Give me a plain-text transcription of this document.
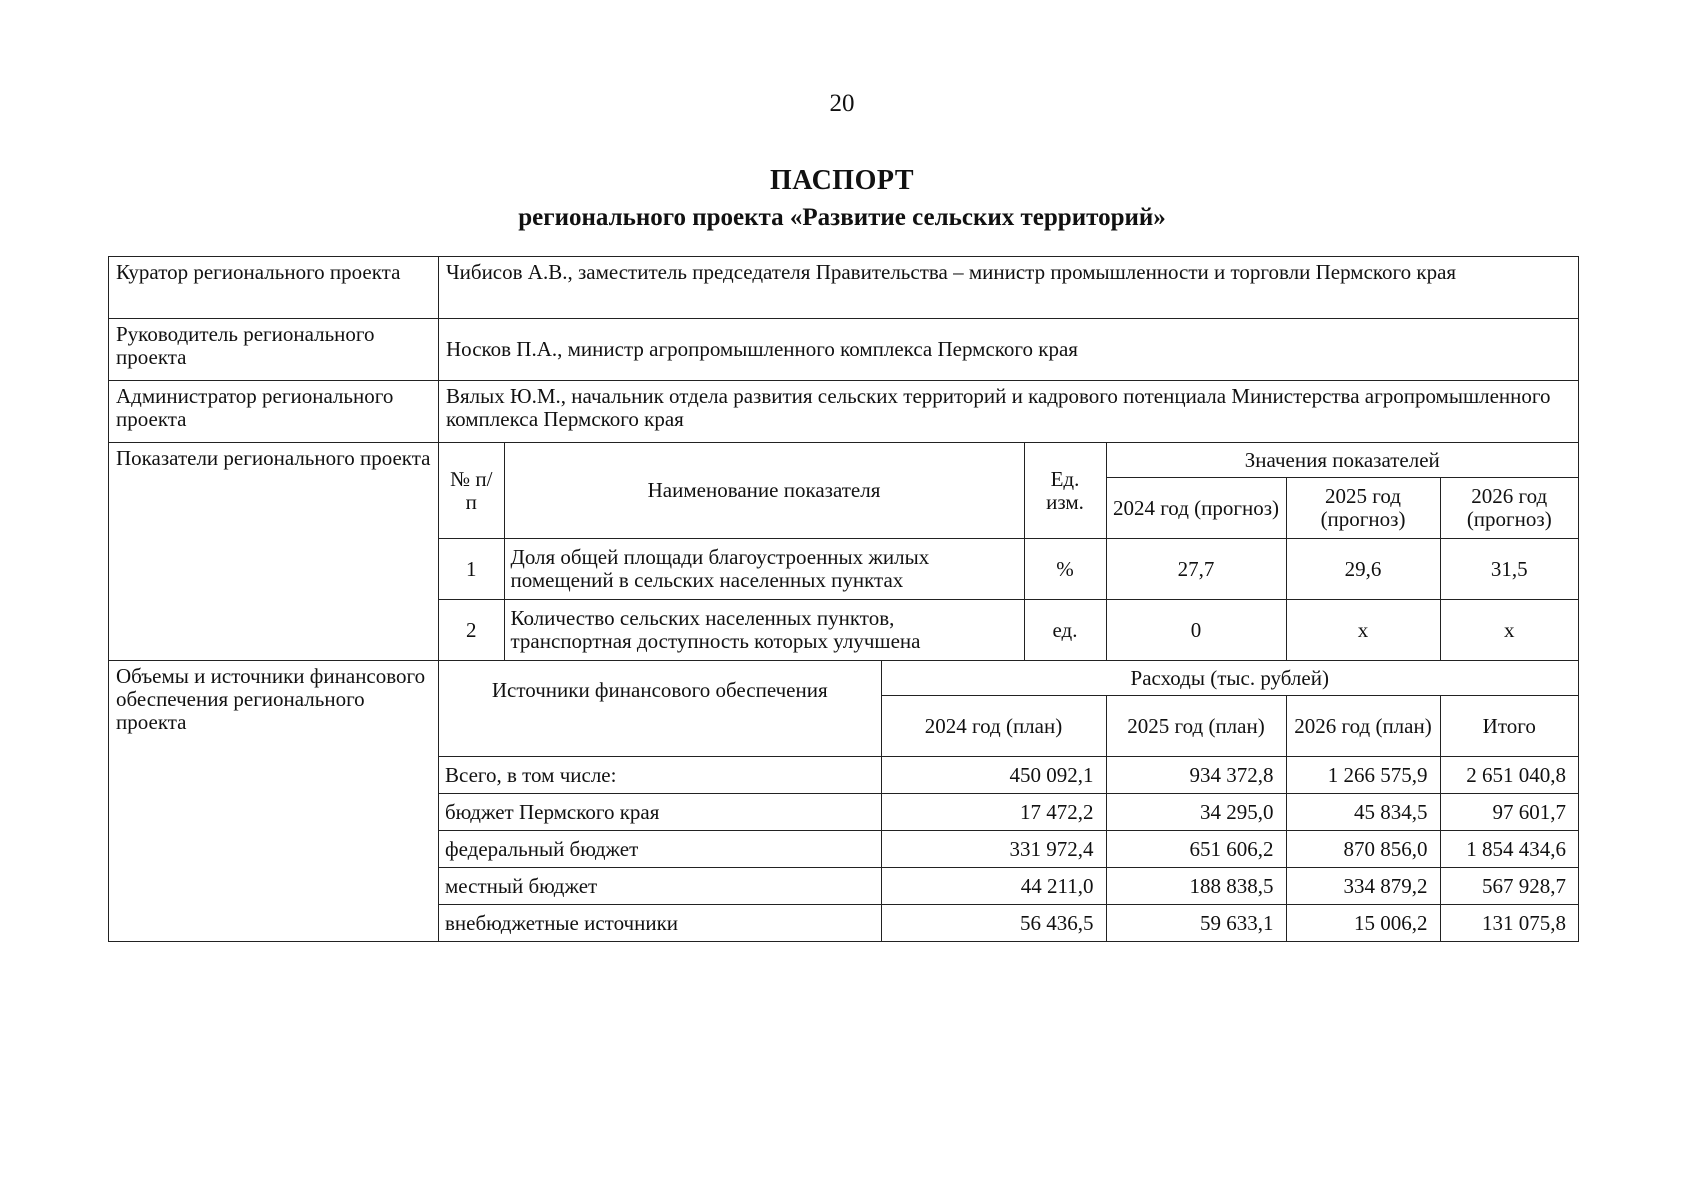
20
ПАСПОРТ
регионального проекта «Развитие сельских территорий»
Куратор регионального проекта	Чибисов А.В., заместитель председателя Правительства – министр промышленности и торговли Пермского края
Руководитель регионального проекта	Носков П.А., министр агропромышленного комплекса Пермского края
Администратор регионального проекта	Вялых Ю.М., начальник отдела развития сельских территорий и кадрового потенциала Министерства агропромышленного комплекса Пермского края
Показатели регионального проекта	
№ п/п	Наименование показателя	Ед. изм.	Значения показателей
2024 год (прогноз)	2025 год (прогноз)	2026 год (прогноз)
1	Доля общей площади благоустроенных жилых помещений в сельских населенных пунктах	%	27,7	29,6	31,5
2	Количество сельских населенных пунктов, транспортная доступность которых улучшена	ед.	0	х	х

Объемы и источники финансового обеспечения регионального проекта	
Источники финансового обеспечения	Расходы (тыс. рублей)
2024 год (план)	2025 год (план)	2026 год (план)	Итого
Всего, в том числе:	450 092,1	934 372,8	1 266 575,9	2 651 040,8
бюджет Пермского края	17 472,2	34 295,0	45 834,5	97 601,7
федеральный бюджет	331 972,4	651 606,2	870 856,0	1 854 434,6
местный бюджет	44 211,0	188 838,5	334 879,2	567 928,7
внебюджетные источники	56 436,5	59 633,1	15 006,2	131 075,8
